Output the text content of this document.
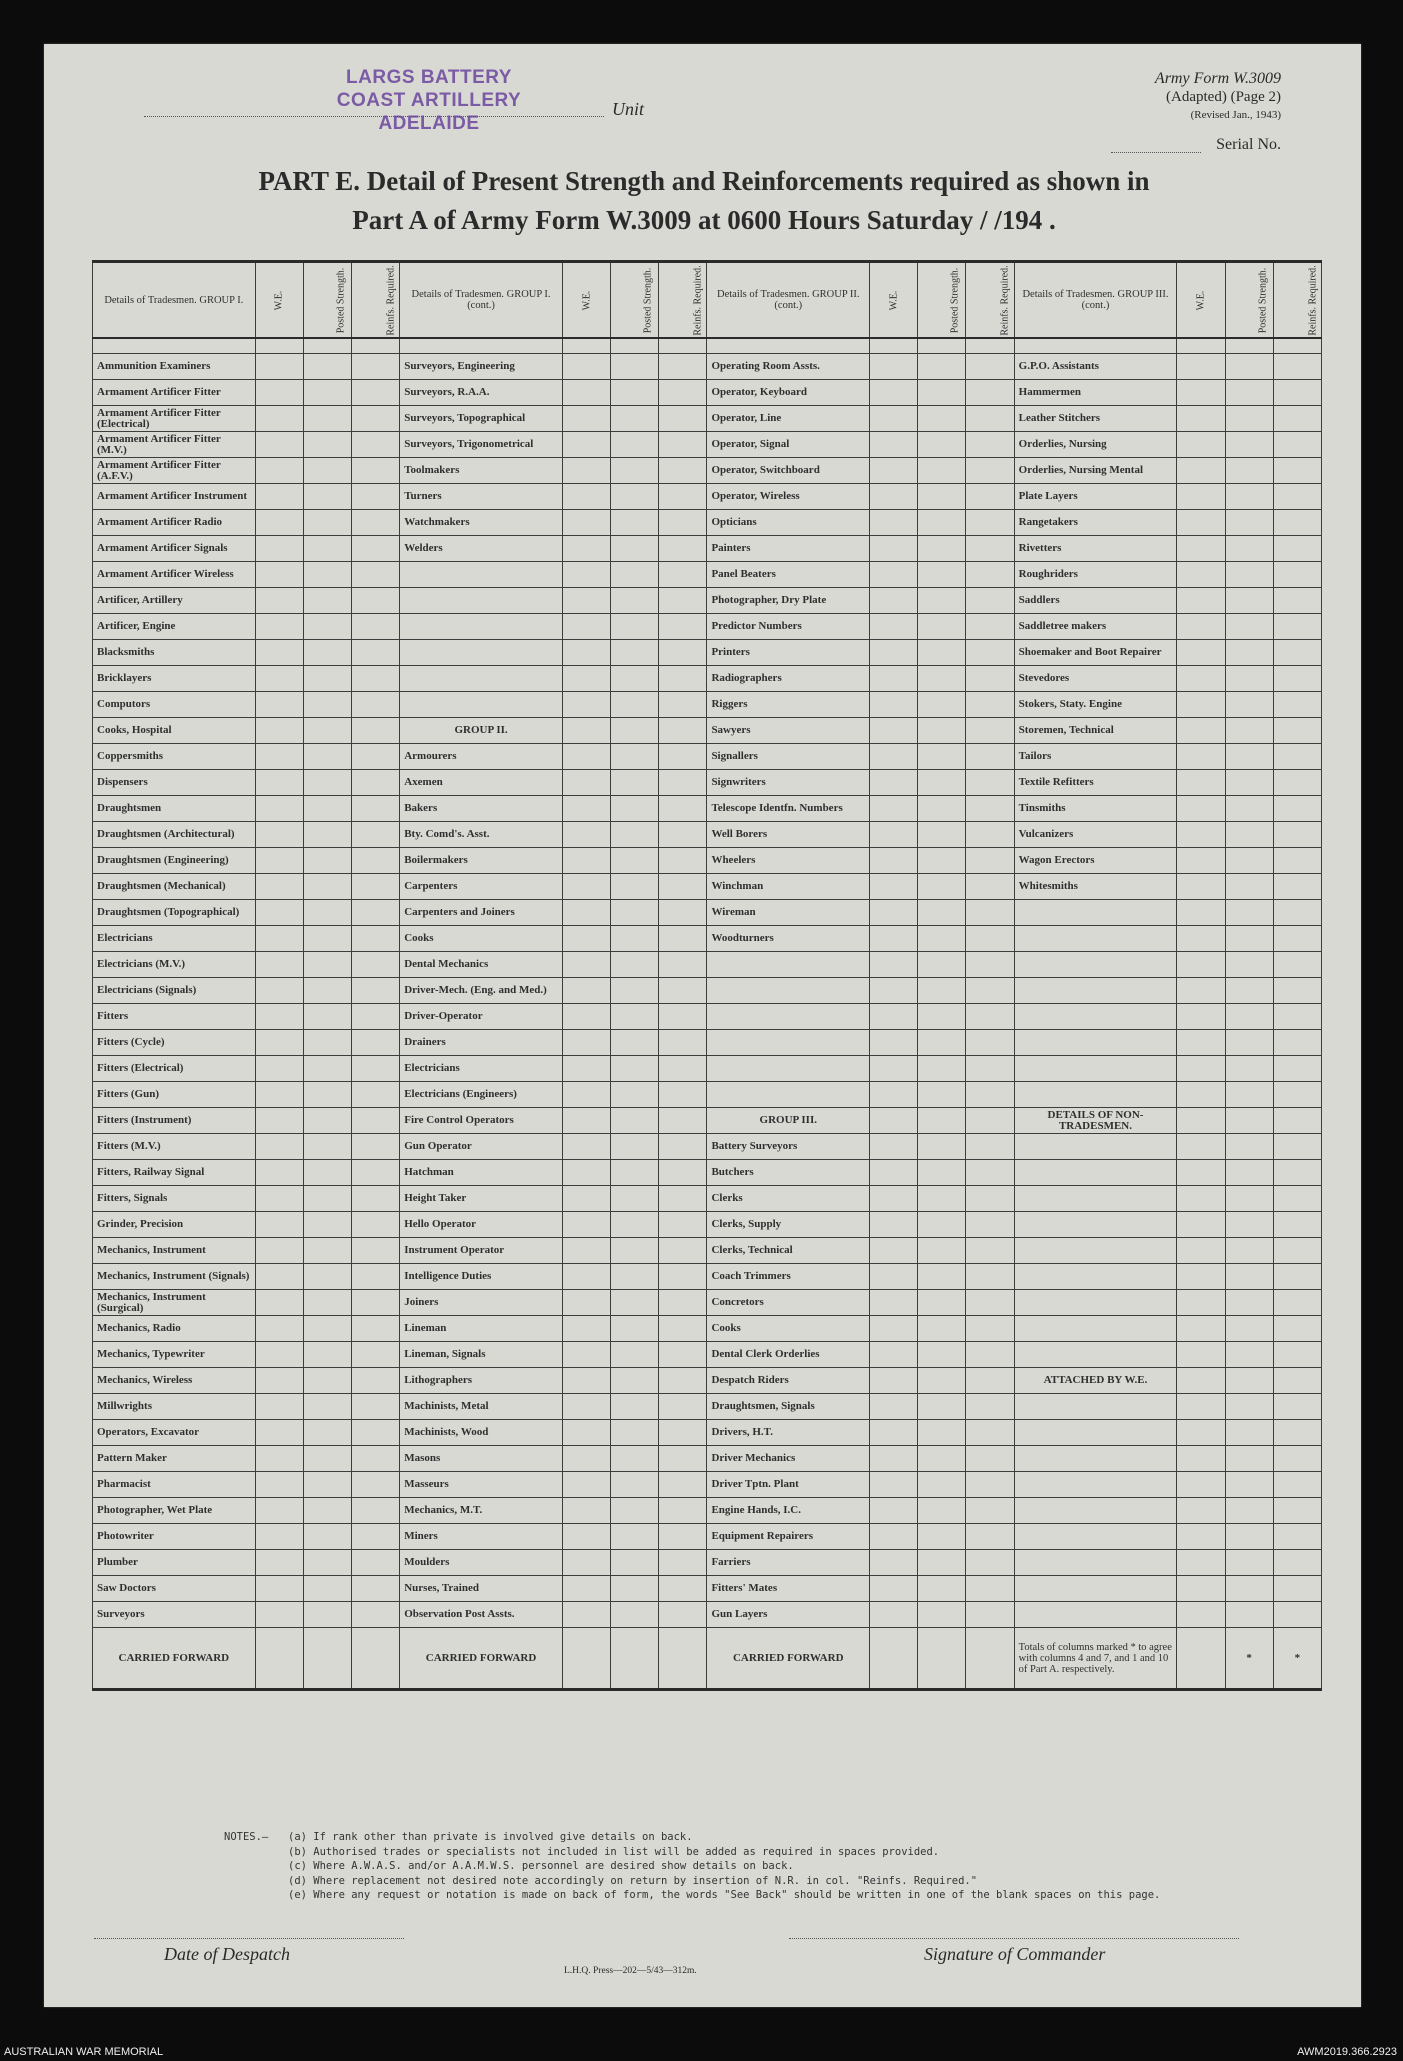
LARGS BATTERY
COAST ARTILLERY
ADELAIDE
Unit
Army Form W.3009
(Adapted) (Page 2)
(Revised Jan., 1943)
Serial No.
PART E. Detail of Present Strength and Reinforcements required as shown in
Part A of Army Form W.3009 at 0600 Hours Saturday / /194 .
Details of Tradesmen. GROUP I.	W.E.	Posted Strength.	Reinfs. Required.	Details of Tradesmen. GROUP I. (cont.)	W.E.	Posted Strength.	Reinfs. Required.	Details of Tradesmen. GROUP II. (cont.)	W.E.	Posted Strength.	Reinfs. Required.	Details of Tradesmen. GROUP III. (cont.)	W.E.	Posted Strength.	Reinfs. Required.

Ammunition Examiners				Surveyors, Engineering				Operating Room Assts.				G.P.O. Assistants			
Armament Artificer Fitter				Surveyors, R.A.A.				Operator, Keyboard				Hammermen			
Armament Artificer Fitter (Electrical)				Surveyors, Topographical				Operator, Line				Leather Stitchers			
Armament Artificer Fitter (M.V.)				Surveyors, Trigonometrical				Operator, Signal				Orderlies, Nursing			
Armament Artificer Fitter (A.F.V.)				Toolmakers				Operator, Switchboard				Orderlies, Nursing Mental			
Armament Artificer Instrument				Turners				Operator, Wireless				Plate Layers			
Armament Artificer Radio				Watchmakers				Opticians				Rangetakers			
Armament Artificer Signals				Welders				Painters				Rivetters			
Armament Artificer Wireless								Panel Beaters				Roughriders			
Artificer, Artillery								Photographer, Dry Plate				Saddlers			
Artificer, Engine								Predictor Numbers				Saddletree makers			
Blacksmiths								Printers				Shoemaker and Boot Repairer			
Bricklayers								Radiographers				Stevedores			
Computors								Riggers				Stokers, Staty. Engine			
Cooks, Hospital				GROUP II.				Sawyers				Storemen, Technical			
Coppersmiths				Armourers				Signallers				Tailors			
Dispensers				Axemen				Signwriters				Textile Refitters			
Draughtsmen				Bakers				Telescope Identfn. Numbers				Tinsmiths			
Draughtsmen (Architectural)				Bty. Comd's. Asst.				Well Borers				Vulcanizers			
Draughtsmen (Engineering)				Boilermakers				Wheelers				Wagon Erectors			
Draughtsmen (Mechanical)				Carpenters				Winchman				Whitesmiths			
Draughtsmen (Topographical)				Carpenters and Joiners				Wireman							
Electricians				Cooks				Woodturners							
Electricians (M.V.)				Dental Mechanics											
Electricians (Signals)				Driver-Mech. (Eng. and Med.)											
Fitters				Driver-Operator											
Fitters (Cycle)				Drainers											
Fitters (Electrical)				Electricians											
Fitters (Gun)				Electricians (Engineers)											
Fitters (Instrument)				Fire Control Operators				GROUP III.				DETAILS OF NON-TRADESMEN.			
Fitters (M.V.)				Gun Operator				Battery Surveyors							
Fitters, Railway Signal				Hatchman				Butchers							
Fitters, Signals				Height Taker				Clerks							
Grinder, Precision				Hello Operator				Clerks, Supply							
Mechanics, Instrument				Instrument Operator				Clerks, Technical							
Mechanics, Instrument (Signals)				Intelligence Duties				Coach Trimmers							
Mechanics, Instrument (Surgical)				Joiners				Concretors							
Mechanics, Radio				Lineman				Cooks							
Mechanics, Typewriter				Lineman, Signals				Dental Clerk Orderlies							
Mechanics, Wireless				Lithographers				Despatch Riders				ATTACHED BY W.E.			
Millwrights				Machinists, Metal				Draughtsmen, Signals							
Operators, Excavator				Machinists, Wood				Drivers, H.T.							
Pattern Maker				Masons				Driver Mechanics							
Pharmacist				Masseurs				Driver Tptn. Plant							
Photographer, Wet Plate				Mechanics, M.T.				Engine Hands, I.C.							
Photowriter				Miners				Equipment Repairers							
Plumber				Moulders				Farriers							
Saw Doctors				Nurses, Trained				Fitters' Mates							
Surveyors				Observation Post Assts.				Gun Layers							
CARRIED FORWARD				CARRIED FORWARD				CARRIED FORWARD				Totals of columns marked * to agree with columns 4 and 7, and 1 and 10 of Part A. respectively.		*	*
NOTES.— (a) If rank other than private is involved give details on back.
(b) Authorised trades or specialists not included in list will be added as required in spaces provided.
(c) Where A.W.A.S. and/or A.A.M.W.S. personnel are desired show details on back.
(d) Where replacement not desired note accordingly on return by insertion of N.R. in col. "Reinfs. Required."
(e) Where any request or notation is made on back of form, the words "See Back" should be written in one of the blank spaces on this page.
Date of Despatch	Signature of Commander
L.H.Q. Press—202—5/43—312m.
AUSTRALIAN WAR MEMORIAL	AWM2019.366.2923
